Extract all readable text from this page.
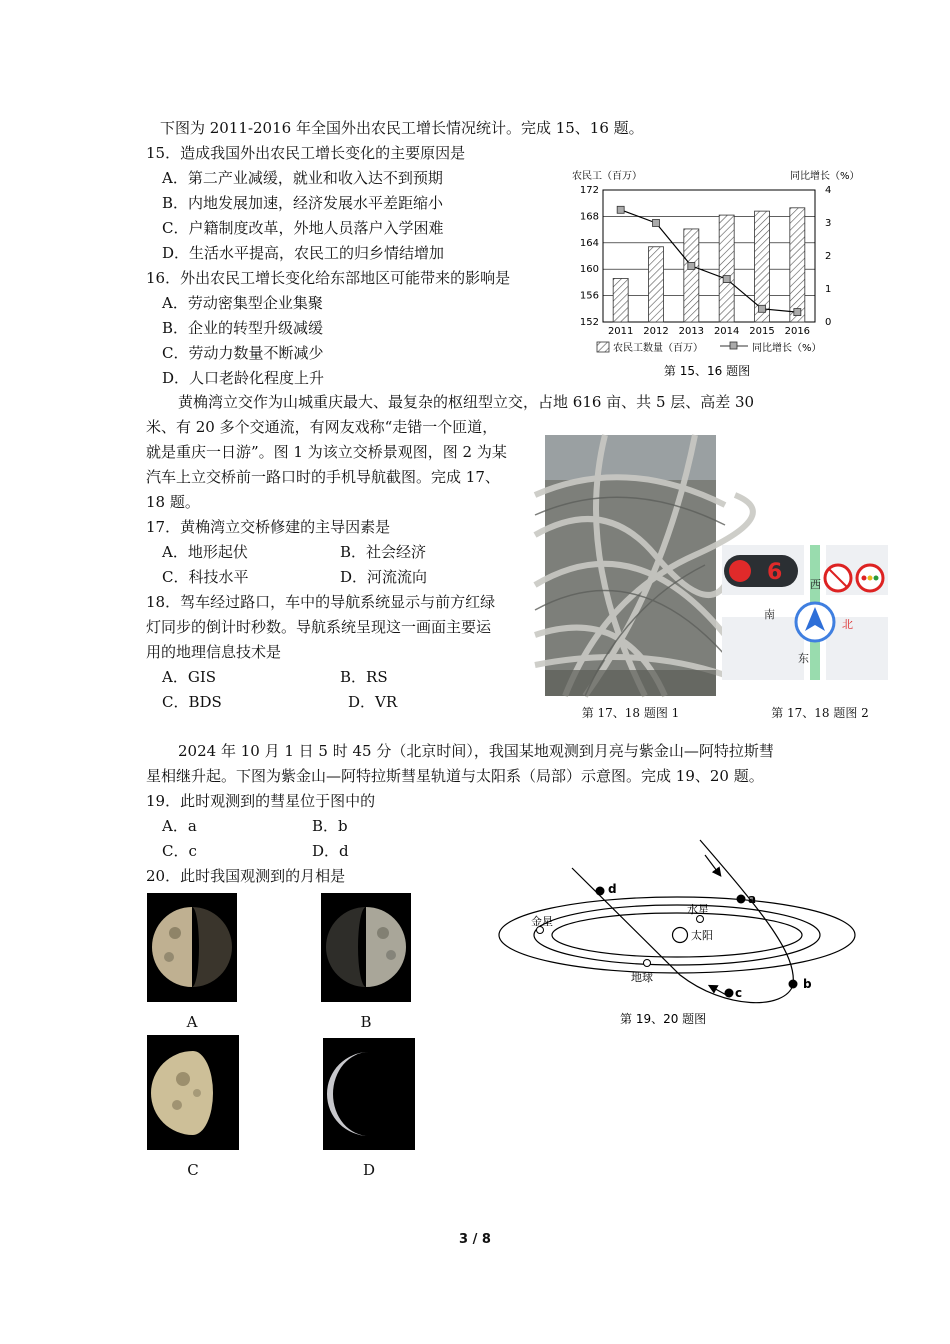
下图为 2011-2016 年全国外出农民工增长情况统计。完成 15、16 题。
15．造成我国外出农民工增长变化的主要原因是
A．第二产业减缓，就业和收入达不到预期
B．内地发展加速，经济发展水平差距缩小
C．户籍制度改革，外地人员落户入学困难
D．生活水平提高，农民工的归乡情结增加
16．外出农民工增长变化给东部地区可能带来的影响是
A．劳动密集型企业集聚
B．企业的转型升级减缓
C．劳动力数量不断减少
D．人口老龄化程度上升
农民工（百万）	同比增长（%）
172
168
164
160
156
152
4
3
2
1
0
2011 2012 2013 2014 2015 2016
农民工数量（百万）	同比增长（%）
第 15、16 题图
黄桷湾立交作为山城重庆最大、最复杂的枢纽型立交，占地 616 亩、共 5 层、高差 30
米、有 20 多个交通流，有网友戏称“走错一个匝道，
就是重庆一日游”。图 1 为该立交桥景观图，图 2 为某
汽车上立交桥前一路口时的手机导航截图。完成 17、
18 题。
17．黄桷湾立交桥修建的主导因素是
A．地形起伏	B．社会经济
C．科技水平	D．河流流向
18．驾车经过路口，车中的导航系统显示与前方红绿
灯同步的倒计时秒数。导航系统呈现这一画面主要运
用的地理信息技术是
A．GIS	B．RS
C．BDS	D．VR
第 17、18 题图 1
6	西
南
北
东
第 17、18 题图 2
2024 年 10 月 1 日 5 时 45 分（北京时间），我国某地观测到月亮与紫金山—阿特拉斯彗
星相继升起。下图为紫金山—阿特拉斯彗星轨道与太阳系（局部）示意图。完成 19、20 题。
19．此时观测到的彗星位于图中的
A．a	B．b
C．c	D．d
20．此时我国观测到的月相是
A	B
C	D
d
a
b
c
金星
水星
太阳
地球
第 19、20 题图
3 / 8
